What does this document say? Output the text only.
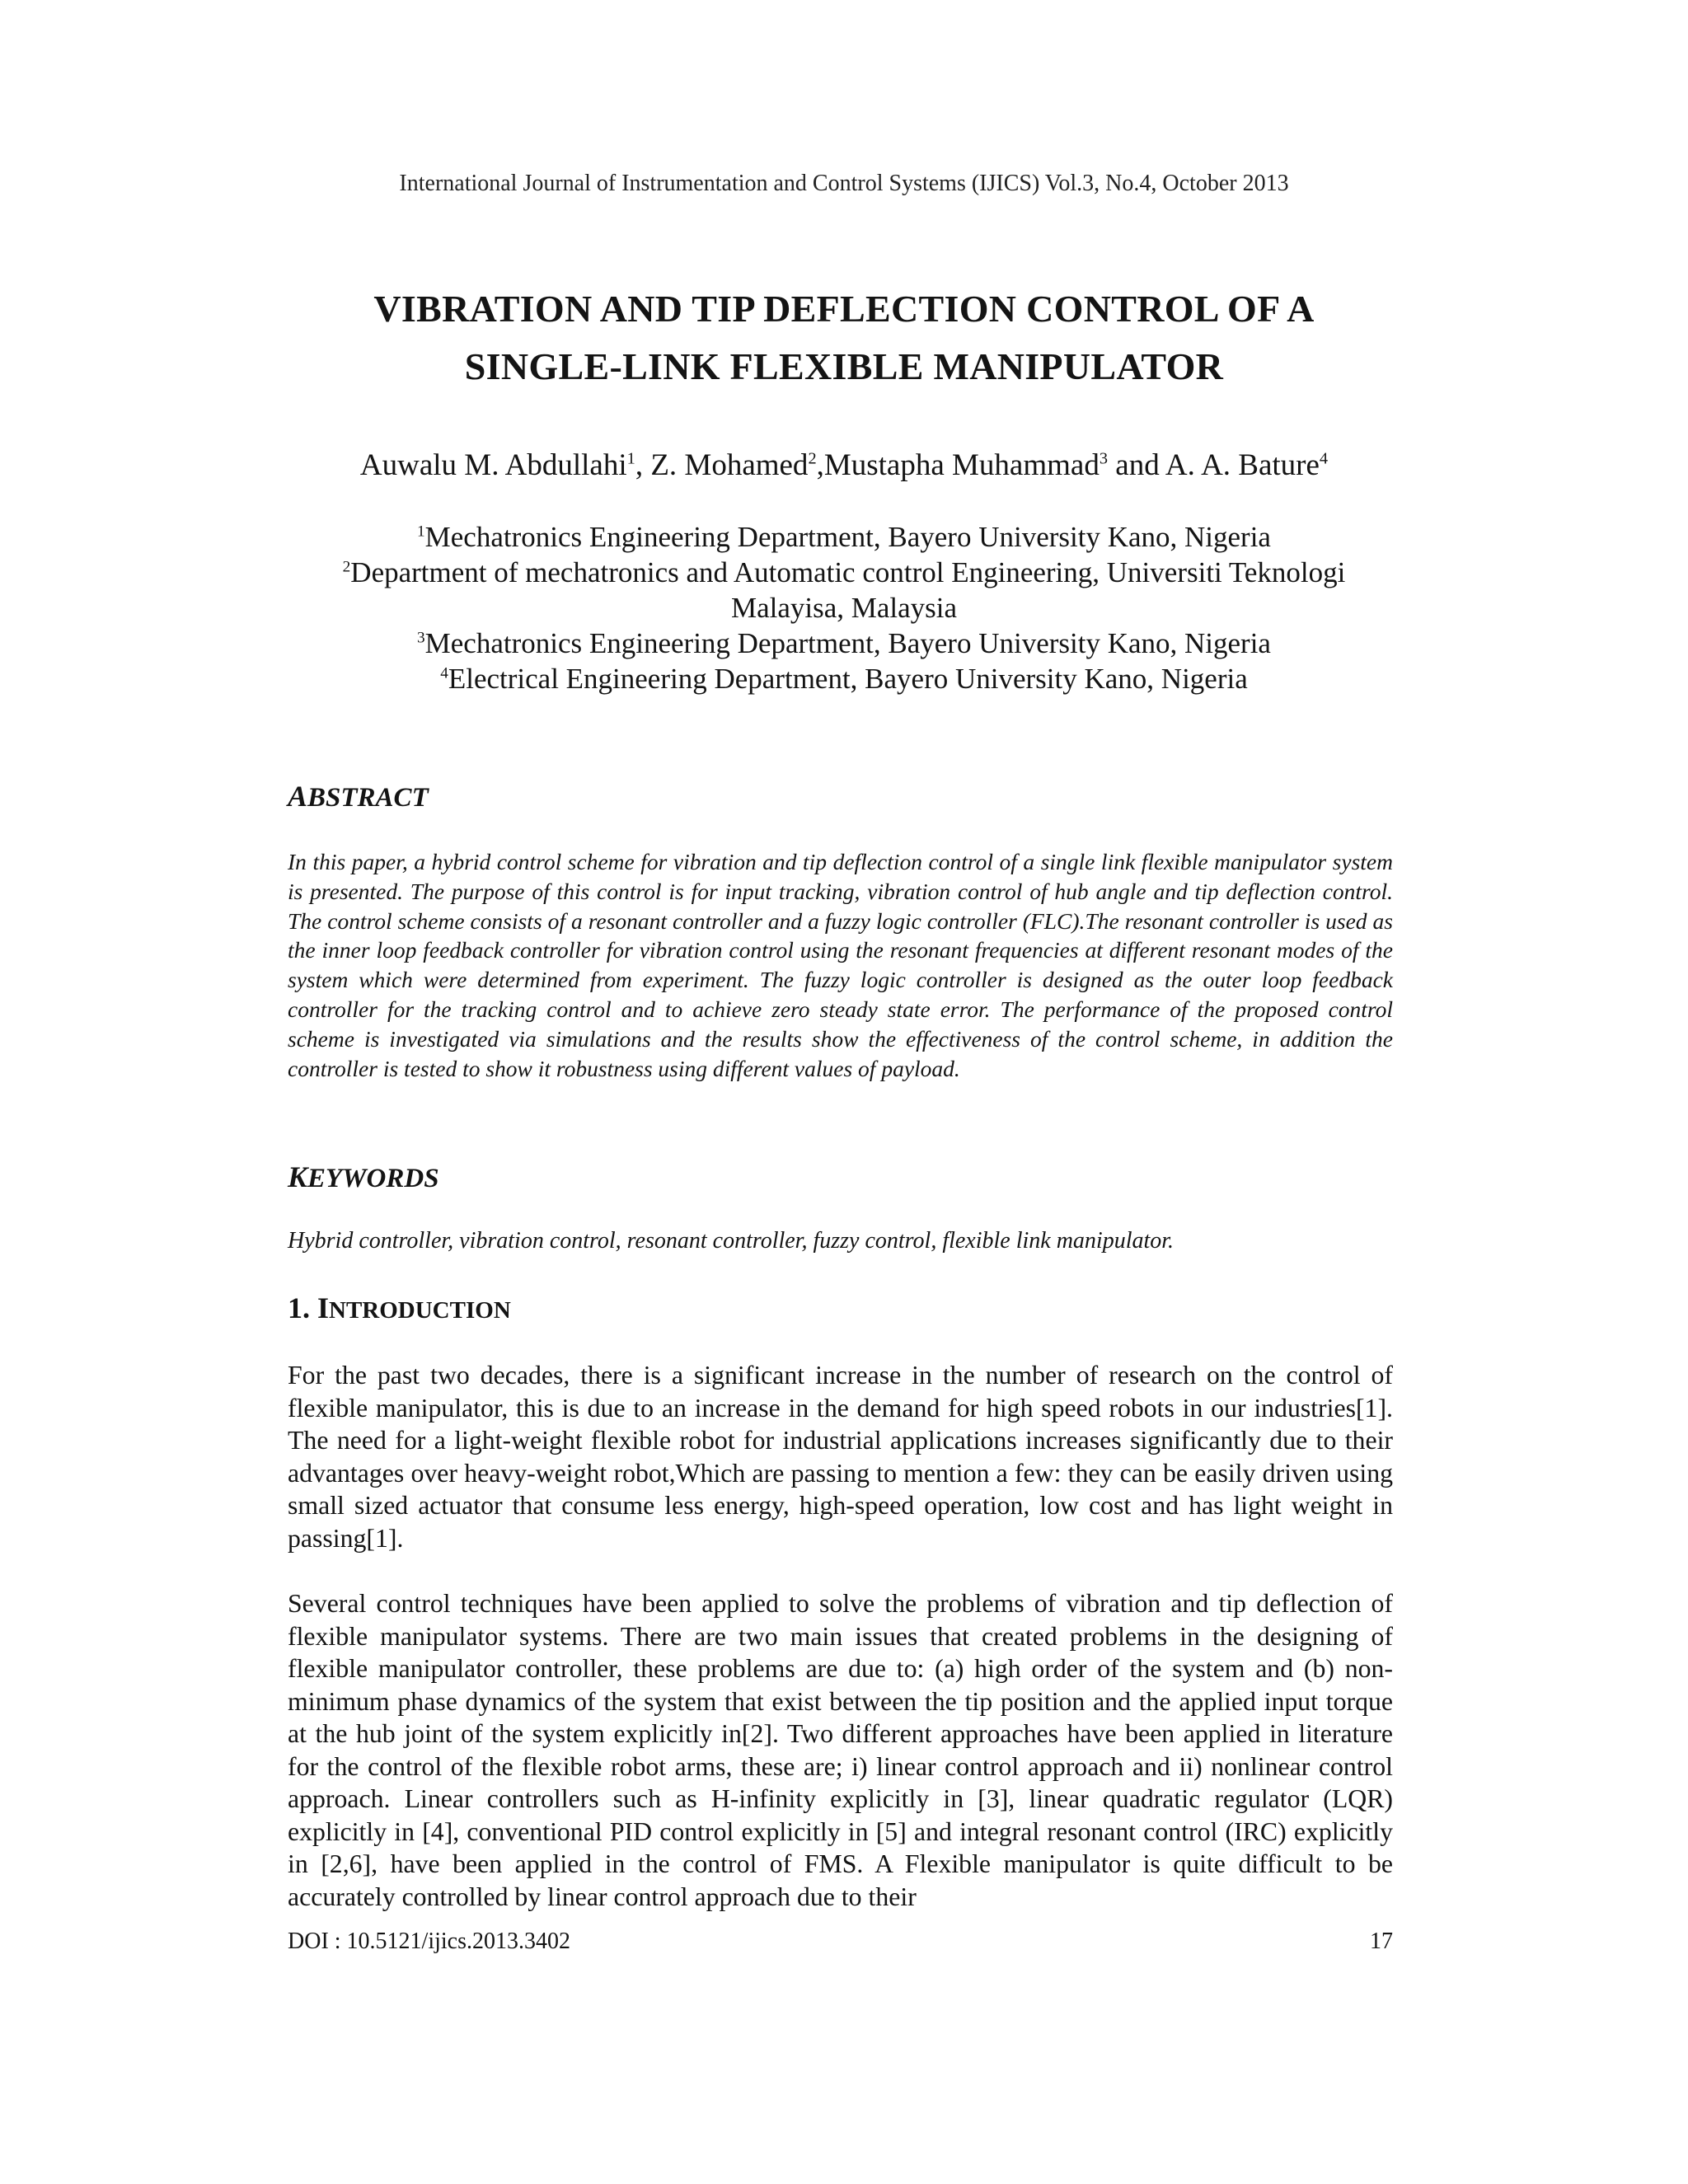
International Journal of Instrumentation and Control Systems (IJICS) Vol.3, No.4, October 2013
VIBRATION AND TIP DEFLECTION CONTROL OF A
SINGLE-LINK FLEXIBLE MANIPULATOR
Auwalu M. Abdullahi$^1$, Z. Mohamed$^2$,Mustapha Muhammad$^3$ and A. A. Bature$^4$
$^1$Mechatronics Engineering Department, Bayero University Kano, Nigeria
$^2$Department of mechatronics and Automatic control Engineering, Universiti Teknologi
Malayisa, Malaysia
$^3$Mechatronics Engineering Department, Bayero University Kano, Nigeria
$^4$Electrical Engineering Department, Bayero University Kano, Nigeria
ABSTRACT

In this paper, a hybrid control scheme for vibration and tip deflection control of a single link flexible manipulator system is presented. The purpose of this control is for input tracking, vibration control of hub angle and tip deflection control. The control scheme consists of a resonant controller and a fuzzy logic controller (FLC).The resonant controller is used as the inner loop feedback controller for vibration control using the resonant frequencies at different resonant modes of the system which were determined from experiment. The fuzzy logic controller is designed as the outer loop feedback controller for the tracking control and to achieve zero steady state error. The performance of the proposed control scheme is investigated via simulations and the results show the effectiveness of the control scheme, in addition the controller is tested to show it robustness using different values of payload.

KEYWORDS

Hybrid controller, vibration control, resonant controller, fuzzy control, flexible link manipulator.

1. INTRODUCTION

For the past two decades, there is a significant increase in the number of research on the control of flexible manipulator, this is due to an increase in the demand for high speed robots in our industries[1]. The need for a light-weight flexible robot for industrial applications increases significantly due to their advantages over heavy-weight robot,Which are passing to mention a few: they can be easily driven using small sized actuator that consume less energy, high-speed operation, low cost and has light weight in passing[1].

Several control techniques have been applied to solve the problems of vibration and tip deflection of flexible manipulator systems. There are two main issues that created problems in the designing of flexible manipulator controller, these problems are due to: (a) high order of the system and (b) non-minimum phase dynamics of the system that exist between the tip position and the applied input torque at the hub joint of the system explicitly in[2]. Two different approaches have been applied in literature for the control of the flexible robot arms, these are; i) linear control approach and ii) nonlinear control approach. Linear controllers such as H-infinity explicitly in [3], linear quadratic regulator (LQR) explicitly in [4], conventional PID control explicitly in [5] and integral resonant control (IRC) explicitly in [2,6], have been applied in the control of FMS. A Flexible manipulator is quite difficult to be accurately controlled by linear control approach due to their

DOI : 10.5121/ijics.2013.3402	17
